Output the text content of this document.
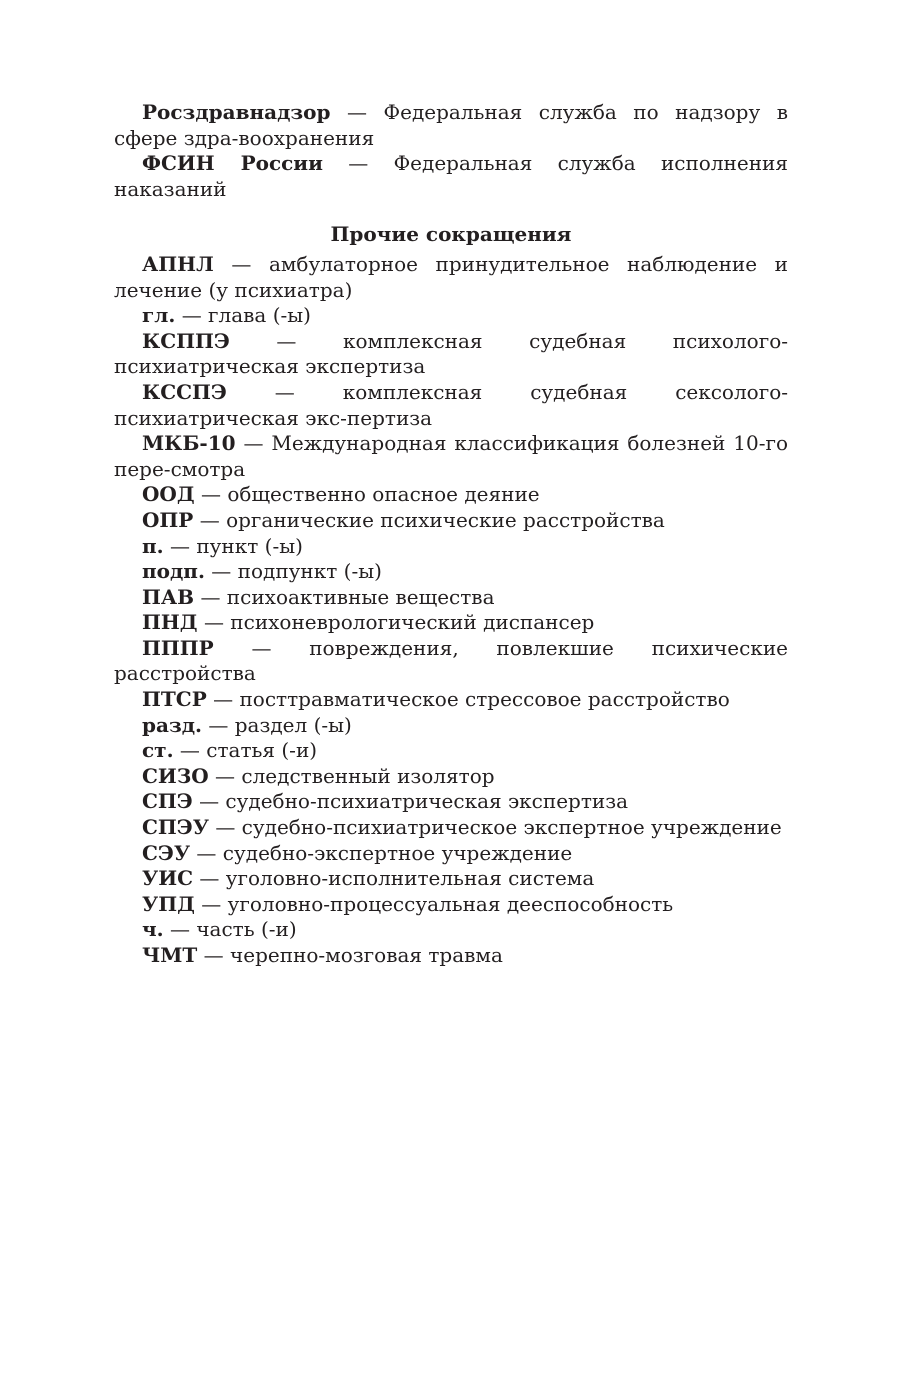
Росздравнадзор — Федеральная служба по надзору в сфере здра-воохранения

ФСИН России — Федеральная служба исполнения наказаний

Прочие сокращения

АПНЛ — амбулаторное принудительное наблюдение и лечение (у психиатра)

гл. — глава (-ы)

КСППЭ — комплексная судебная психолого-психиатрическая экспертиза

КССПЭ — комплексная судебная сексолого-психиатрическая экс-пертиза

МКБ-10 — Международная классификация болезней 10-го пере-смотра

ООД — общественно опасное деяние

ОПР — органические психические расстройства

п. — пункт (-ы)

подп. — подпункт (-ы)

ПАВ — психоактивные вещества

ПНД — психоневрологический диспансер

ПППР — повреждения, повлекшие психические расстройства

ПТСР — посттравматическое стрессовое расстройство

разд. — раздел (-ы)

ст. — статья (-и)

СИЗО — следственный изолятор

СПЭ — судебно-психиатрическая экспертиза

СПЭУ — судебно-психиатрическое экспертное учреждение

СЭУ — судебно-экспертное учреждение

УИС — уголовно-исполнительная система

УПД — уголовно-процессуальная дееспособность

ч. — часть (-и)

ЧМТ — черепно-мозговая травма
